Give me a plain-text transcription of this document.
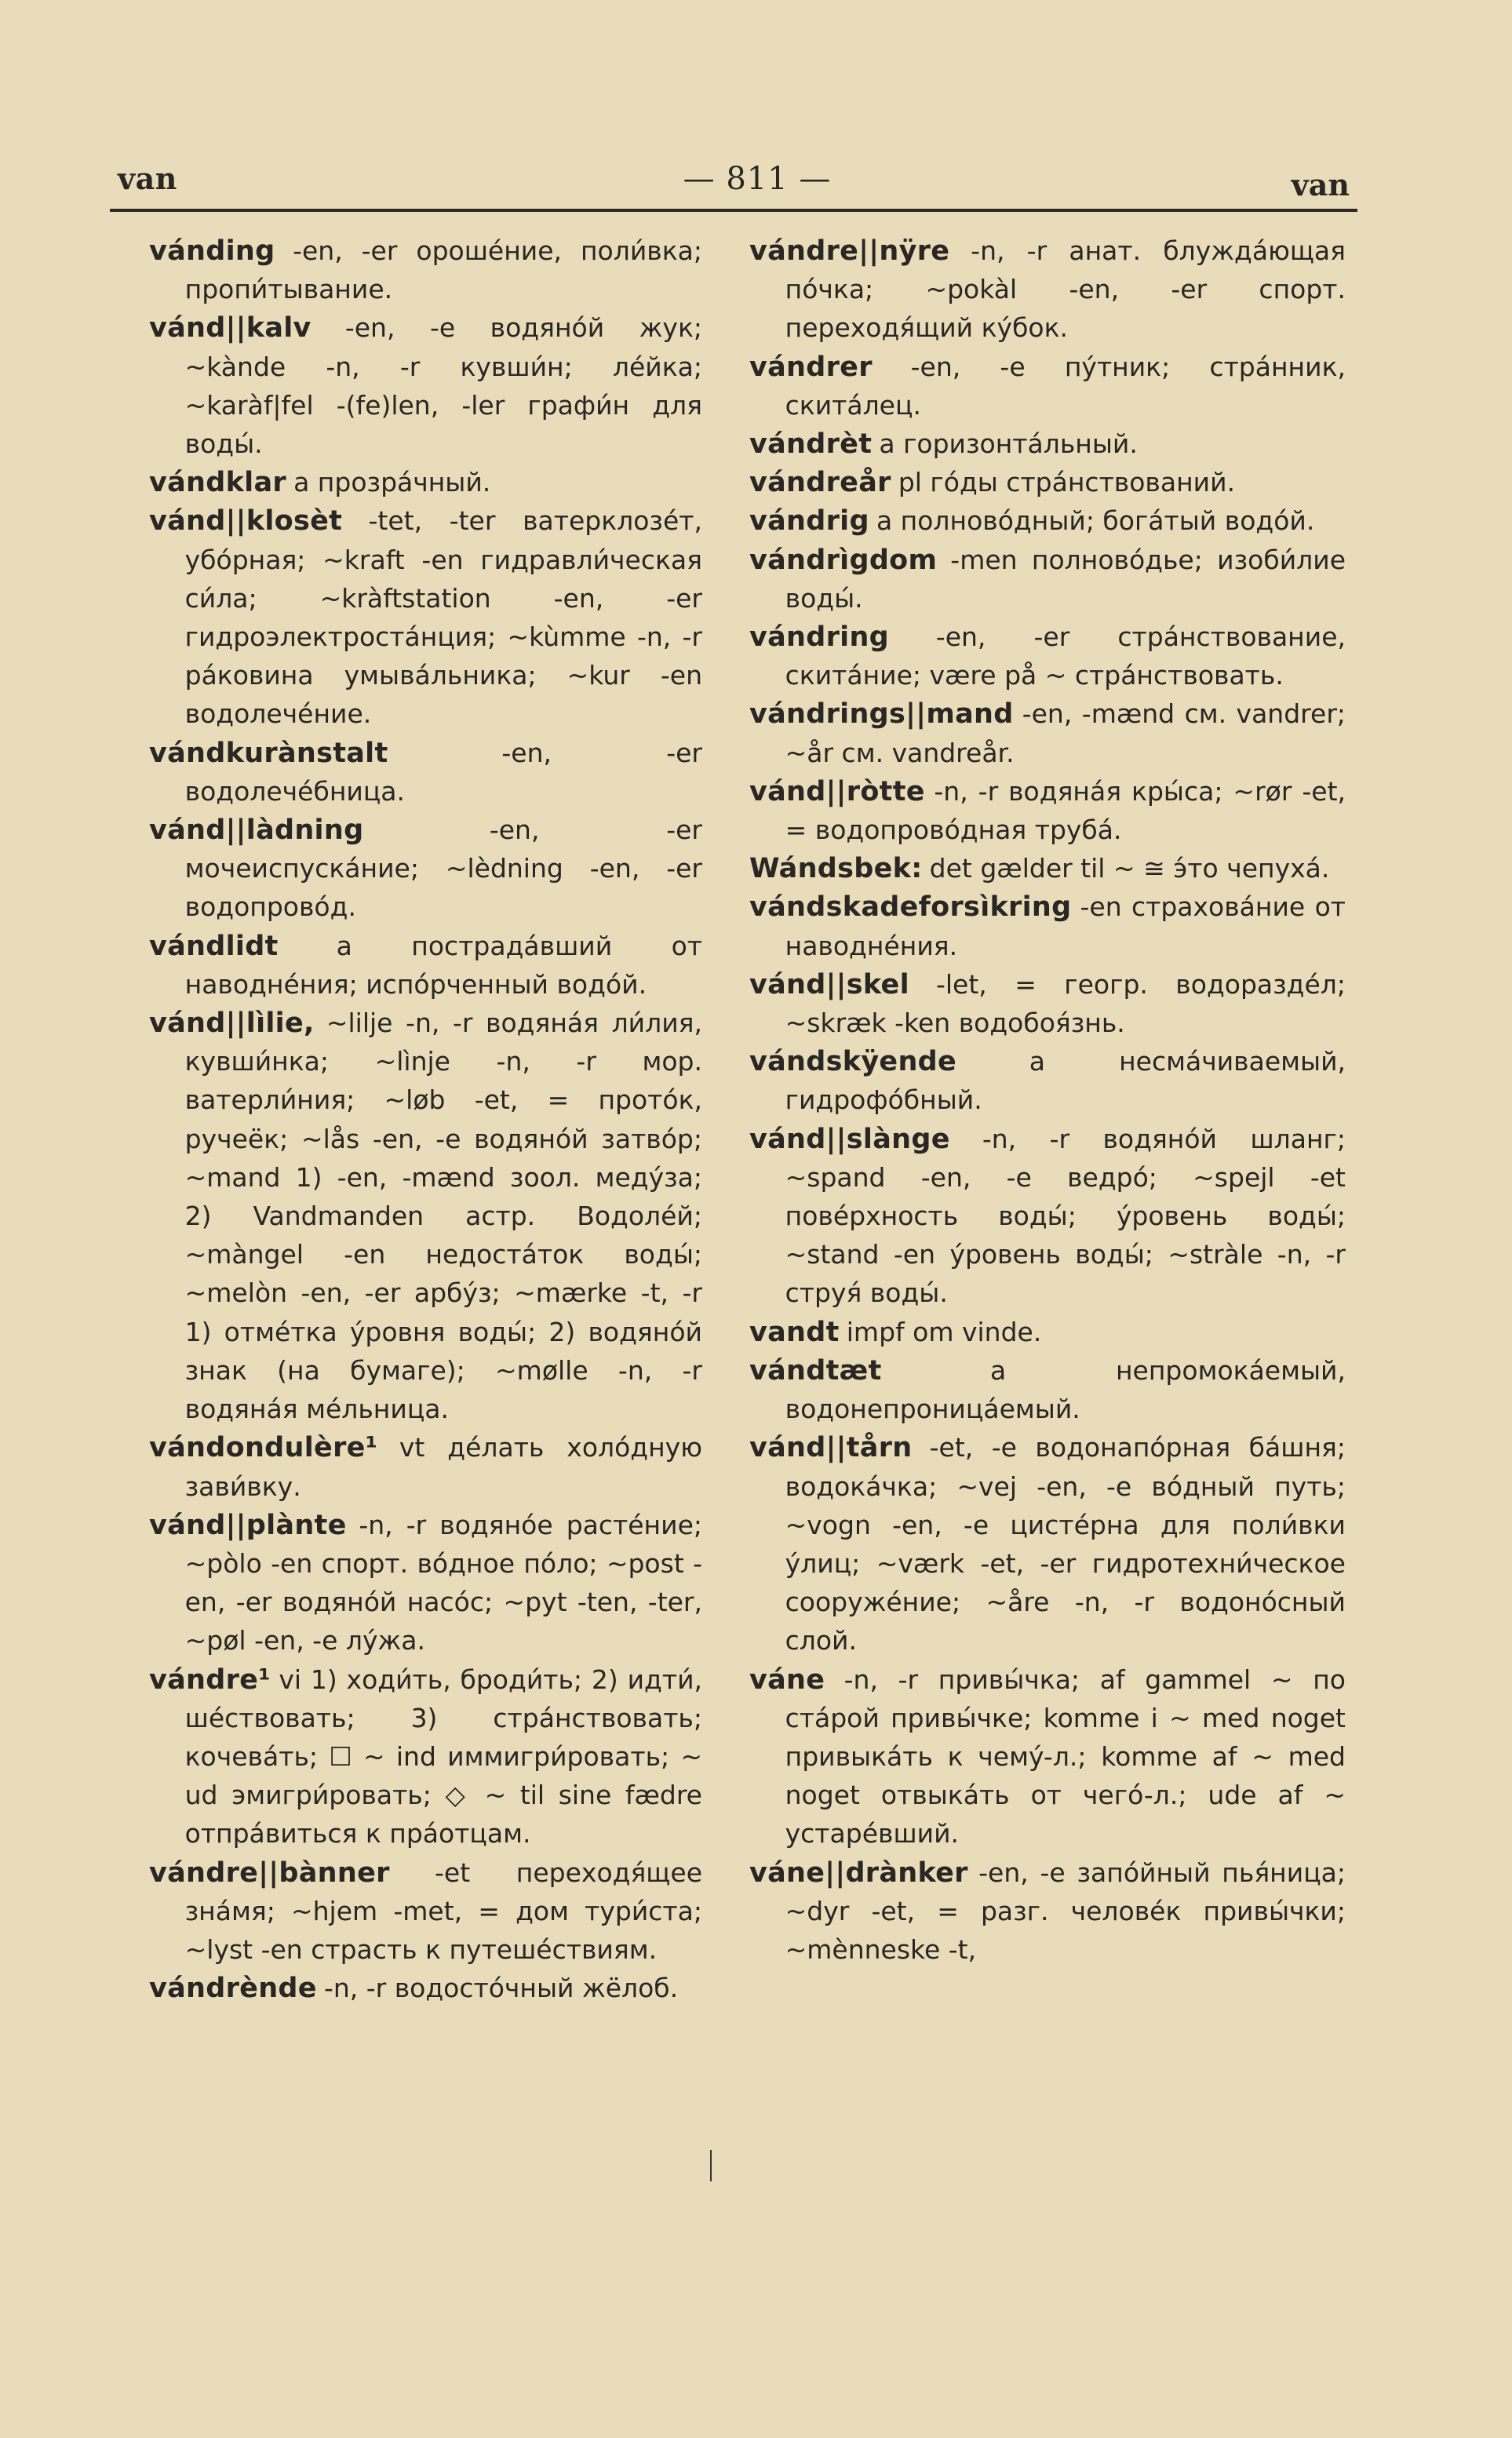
van	— 811 —	van

vánding -en, -er орошéние, поли́вка; пропи́тывание.

vánd||kalv -en, -e водянóй жук; ~kànde -n, -r кувши́н; лéйка; ~karàf|fel -(fe)len, -ler графи́н для воды́.

vándklar a прозрáчный.

vánd||klosèt -tet, -ter ватерклозéт, убóрная; ~kraft -en гидравли́ческая си́ла; ~kràftstation -en, -er гидроэлектростáнция; ~kùmme -n, -r рáковина умывáльника; ~kur -en водолечéние.

vándkurànstalt	-en, -er водолечéбница.

vánd||làdning	-en, -er мочеиспускáние; ~lèdning -en, -er водопровóд.

vándlidt a пострадáвший от наводнéния; испóрченный водóй.

vánd||lìlie, ~lilje -n, -r водянáя ли́лия, кувши́нка; ~lìnje -n, -r мор. ватерли́ния; ~løb -et, = протóк, ручеёк; ~lås -en, -e водянóй затвóр; ~mand 1) -en, -mænd зоол. медýза; 2) Vandmanden астр. Водолéй; ~màngel -en недостáток воды́; ~melòn -en, -er арбýз; ~mærke -t, -r 1) отмéтка ýровня воды́; 2) водянóй знак (на бумаге); ~møllе -n, -r водянáя мéльница.

vándondulère¹ vt дéлать холóдную зави́вку.

vánd||plànte -n, -r водянóе растéние; ~pòlo -en спорт. вóдное пóло; ~post -en, -er водянóй насóс; ~pyt -ten, -ter, ~pøl -en, -e лýжа.

vándre¹ vi 1) ходи́ть, броди́ть; 2) идти́, шéствовать; 3) стрáнствовать; кочевáть; ☐ ~ ind иммигри́ровать; ~ ud эмигри́ровать; ◇ ~ til sine fædre отпрáвиться к прáотцам.

vándre||bànner -et переходя́щее знáмя; ~hjem -met, = дом тури́ста; ~lyst -en страсть к путешéствиям.

vándrènde -n, -r водостóчный жёлоб.

vándre||nÿre -n, -r анат. блуждáющая пóчка; ~pokàl -en, -er спорт. переходя́щий кýбок.

vándrer -en, -e пýтник; стрáнник, скитáлец.

vándrèt a горизонтáльный.

vándreår pl гóды стрáнствований.

vándrig a полновóдный; богáтый водóй.

vándrìgdom -men полновóдье; изоби́лие воды́.

vándring -en, -er стрáнствование, скитáние; være på ~ стрáнствовать.

vándrings||mand -en, -mænd см. vandrer; ~år см. vandreår.

vánd||ròtte -n, -r водянáя кры́са; ~rør -et, = водопровóдная трубá.

Wándsbek: det gælder til ~ ≅ э́то чепухá.

vándskadeforsìkring -en страховáние от наводнéния.

vánd||skel -let, = геогр. водораздéл; ~skræk -ken водобоя́знь.

vándskÿende	a несмáчиваемый, гидрофóбный.

vánd||slànge -n, -r водянóй шланг; ~spand -en, -e ведрó; ~spejl -et повéрхность воды́; ýровень воды́; ~stand -en ýровень воды́; ~stràle -n, -r струя́ воды́.

vandt impf om vinde.

vándtæt	a непромокáемый, водонепроницáемый.

vánd||tårn -et, -e водонапóрная бáшня; водокáчка; ~vej -en, -e вóдный путь; ~vogn -en, -e цистéрна для поли́вки ýлиц; ~værk -et, -er гидротехни́ческое сооружéние; ~åre -n, -r водонóсный слой.

váne -n, -r привы́чка; af gammel ~ по стáрой привы́чке; komme i ~ med noget привыкáть к чемý-л.; komme af ~ med noget отвыкáть от чегó-л.; ude af ~ устарéвший.

váne||drànker -en, -e запóйный пья́ница; ~dyr -et, = разг. человéк привы́чки; ~mènneske -t,
